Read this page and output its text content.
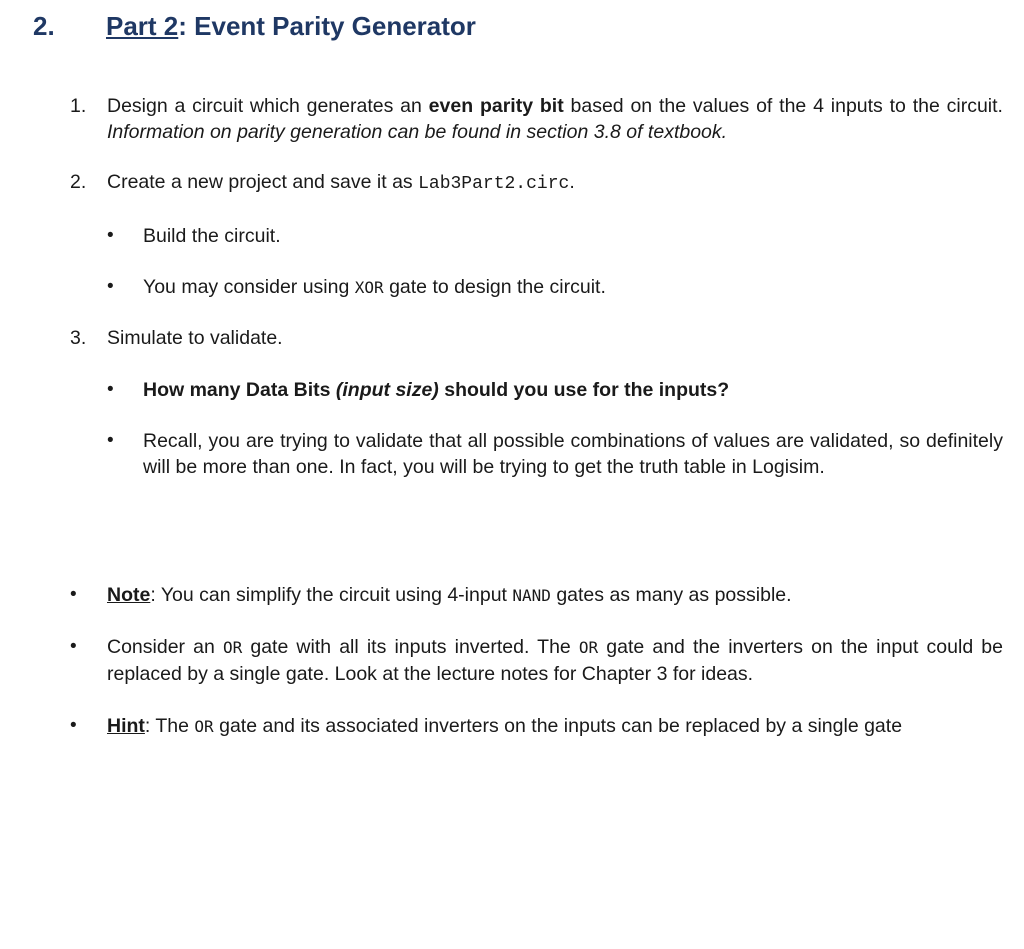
2. Part 2: Event Parity Generator
1. Design a circuit which generates an even parity bit based on the values of the 4 inputs to the circuit. Information on parity generation can be found in section 3.8 of textbook.
2. Create a new project and save it as Lab3Part2.circ.
• Build the circuit.
• You may consider using XOR gate to design the circuit.
3. Simulate to validate.
• How many Data Bits (input size) should you use for the inputs?
• Recall, you are trying to validate that all possible combinations of values are validated, so definitely will be more than one. In fact, you will be trying to get the truth table in Logisim.
• Note: You can simplify the circuit using 4-input NAND gates as many as possible.
• Consider an OR gate with all its inputs inverted. The OR gate and the inverters on the input could be replaced by a single gate. Look at the lecture notes for Chapter 3 for ideas.
• Hint: The OR gate and its associated inverters on the inputs can be replaced by a single gate
